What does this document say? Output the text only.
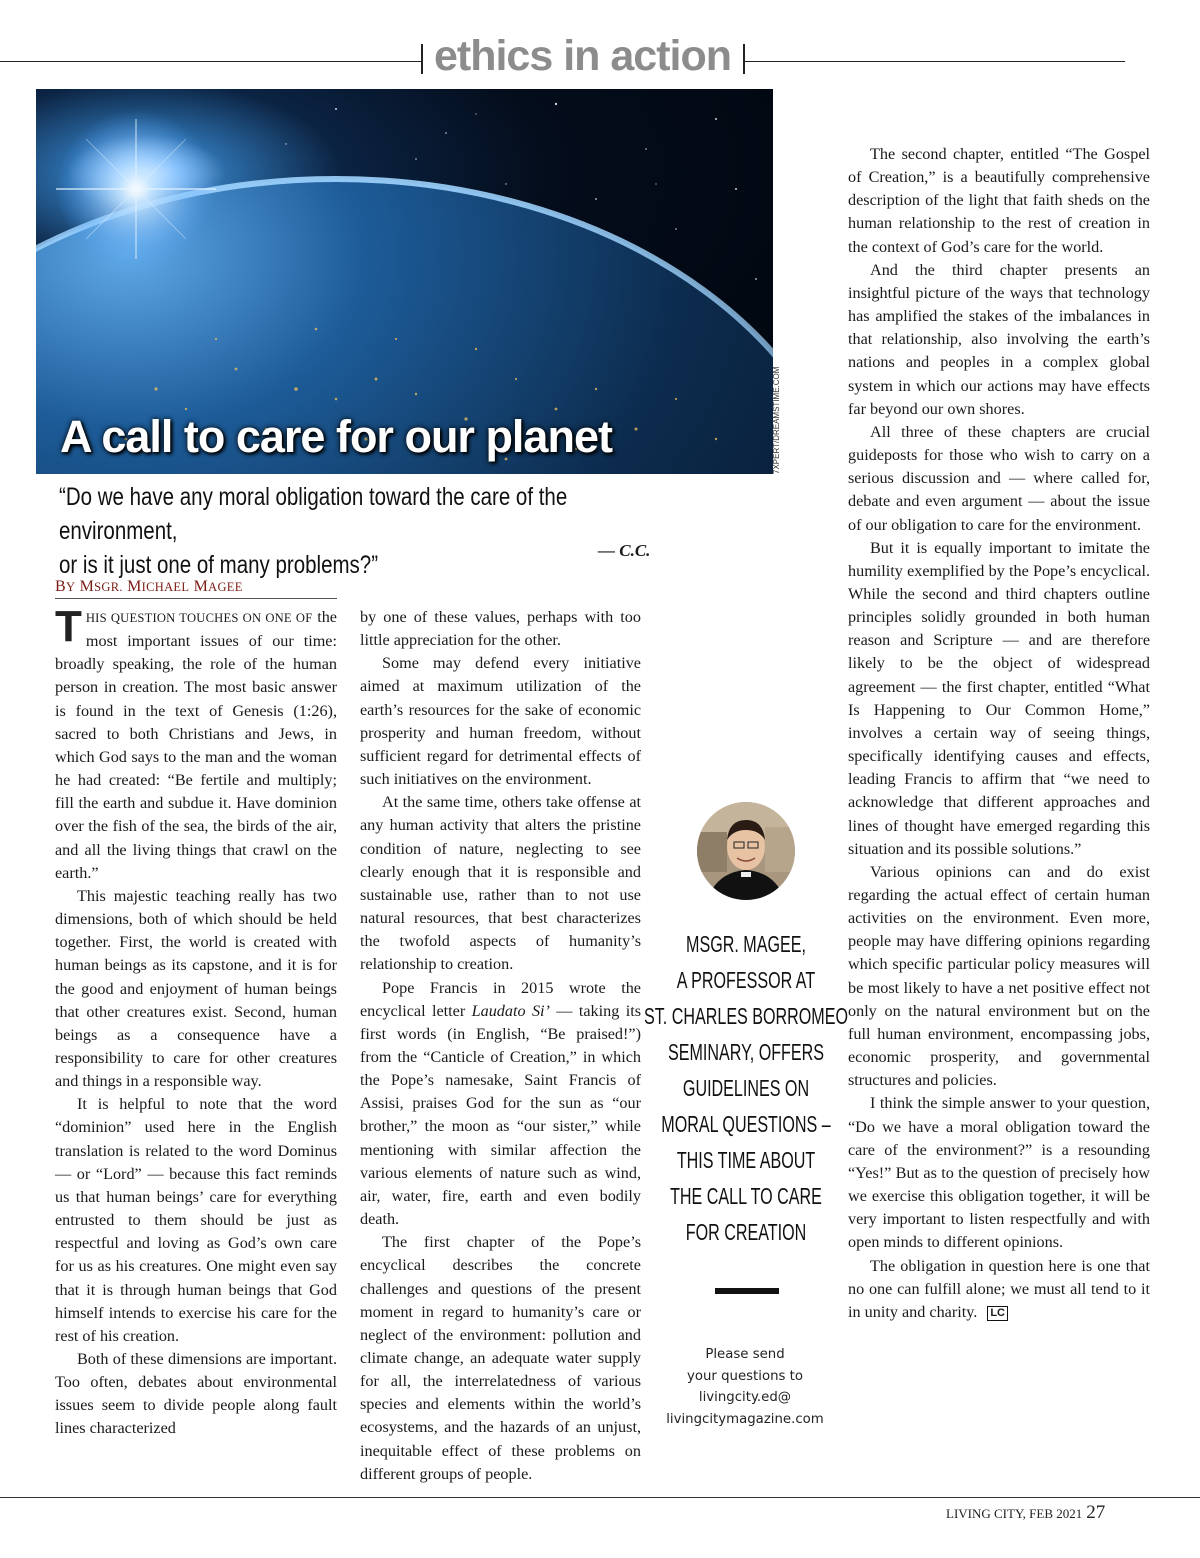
ethics in action
A call to care for our planet	7XPERT/DREAMSTIME.COM
“Do we have any moral obligation toward the care of the environment,
or is it just one of many problems?”
— C.C.
BY MSGR. MICHAEL MAGEE

THIS QUESTION TOUCHES ON ONE OF the most important issues of our time: broadly speaking, the role of the human person in creation. The most basic answer is found in the text of Genesis (1:26), sacred to both Christians and Jews, in which God says to the man and the woman he had created: “Be fertile and multiply; fill the earth and subdue it. Have dominion over the fish of the sea, the birds of the air, and all the living things that crawl on the earth.”

This majestic teaching really has two dimensions, both of which should be held together. First, the world is created with human beings as its capstone, and it is for the good and enjoyment of human beings that other creatures exist. Second, human beings as a consequence have a responsibility to care for other creatures and things in a responsible way.

It is helpful to note that the word “dominion” used here in the English translation is related to the word Dominus — or “Lord” — because this fact reminds us that human beings’ care for everything entrusted to them should be just as respectful and loving as God’s own care for us as his creatures. One might even say that it is through human beings that God himself intends to exercise his care for the rest of his creation.

Both of these dimensions are important. Too often, debates about environmental issues seem to divide people along fault lines characterized

by one of these values, perhaps with too little appreciation for the other.

Some may defend every initiative aimed at maximum utilization of the earth’s resources for the sake of economic prosperity and human freedom, without sufficient regard for detrimental effects of such initiatives on the environment.

At the same time, others take offense at any human activity that alters the pristine condition of nature, neglecting to see clearly enough that it is responsible and sustainable use, rather than to not use natural resources, that best characterizes the twofold aspects of humanity’s relationship to creation.

Pope Francis in 2015 wrote the encyclical letter Laudato Si’ — taking its first words (in English, “Be praised!”) from the “Canticle of Creation,” in which the Pope’s namesake, Saint Francis of Assisi, praises God for the sun as “our brother,” the moon as “our sister,” while mentioning with similar affection the various elements of nature such as wind, air, water, fire, earth and even bodily death.

The first chapter of the Pope’s encyclical describes the concrete challenges and questions of the present moment in regard to humanity’s care or neglect of the environment: pollution and climate change, an adequate water supply for all, the interrelatedness of various species and elements within the world’s ecosystems, and the hazards of an unjust, inequitable effect of these problems on different groups of people.

The second chapter, entitled “The Gospel of Creation,” is a beautifully comprehensive description of the light that faith sheds on the human relationship to the rest of creation in the context of God’s care for the world.

And the third chapter presents an insightful picture of the ways that technology has amplified the stakes of the imbalances in that relationship, also involving the earth’s nations and peoples in a complex global system in which our actions may have effects far beyond our own shores.

All three of these chapters are crucial guideposts for those who wish to carry on a serious discussion and — where called for, debate and even argument — about the issue of our obligation to care for the environment.

But it is equally important to imitate the humility exemplified by the Pope’s encyclical. While the second and third chapters outline principles solidly grounded in both human reason and Scripture — and are therefore likely to be the object of widespread agreement — the first chapter, entitled “What Is Happening to Our Common Home,” involves a certain way of seeing things, specifically identifying causes and effects, leading Francis to affirm that “we need to acknowledge that different approaches and lines of thought have emerged regarding this situation and its possible solutions.”

Various opinions can and do exist regarding the actual effect of certain human activities on the environment. Even more, people may have differing opinions regarding which specific particular policy measures will be most likely to have a net positive effect not only on the natural environment but on the full human environment, encompassing jobs, economic prosperity, and governmental structures and policies.

I think the simple answer to your question, “Do we have a moral obligation toward the care of the environment?” is a resounding “Yes!” But as to the question of precisely how we exercise this obligation together, it will be very important to listen respectfully and with open minds to different opinions.

The obligation in question here is one that no one can fulfill alone; we must all tend to it in unity and charity. LC

MSGR. MAGEE,
A PROFESSOR AT
ST. CHARLES BORROMEO
SEMINARY, OFFERS
GUIDELINES ON
MORAL QUESTIONS –
THIS TIME ABOUT
THE CALL TO CARE
FOR CREATION
Please send
your questions to
livingcity.ed@
livingcitymagazine.com
LIVING CITY, FEB 2021 27
